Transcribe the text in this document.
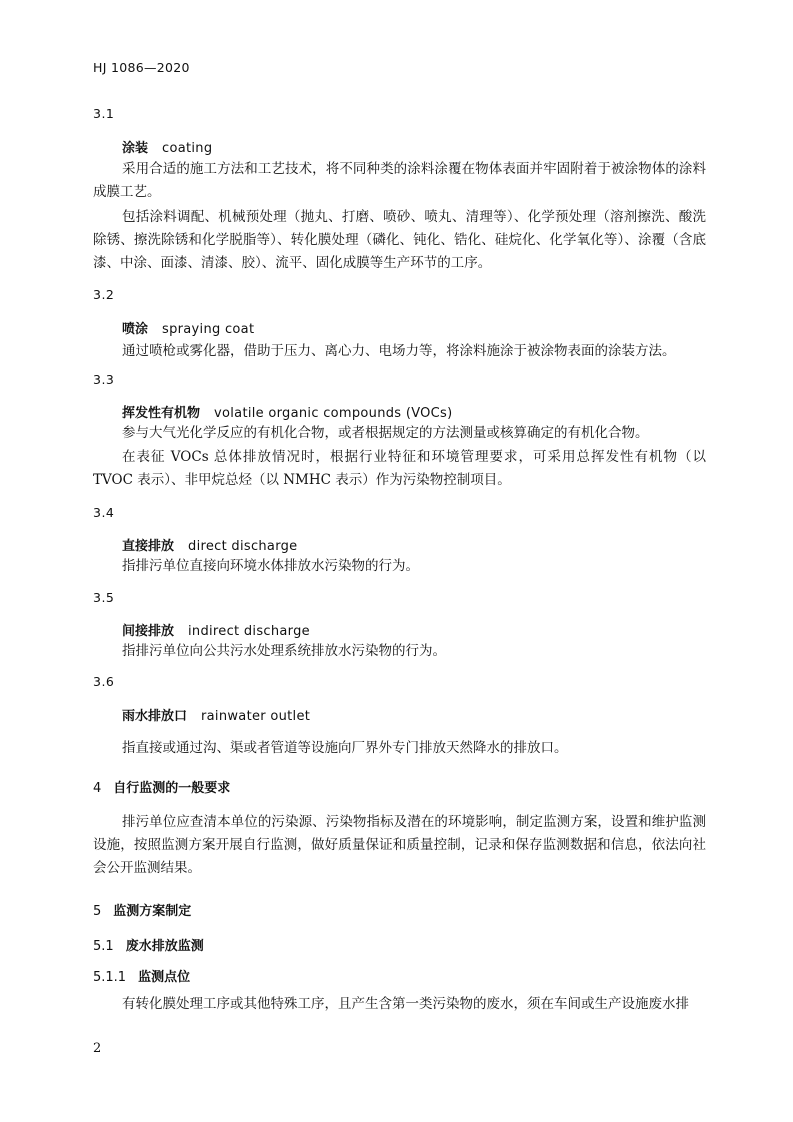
HJ 1086—2020
3.1
涂装 coating
采用合适的施工方法和工艺技术，将不同种类的涂料涂覆在物体表面并牢固附着于被涂物体的涂料成膜工艺。
包括涂料调配、机械预处理（抛丸、打磨、喷砂、喷丸、清理等）、化学预处理（溶剂擦洗、酸洗除锈、擦洗除锈和化学脱脂等）、转化膜处理（磷化、钝化、锆化、硅烷化、化学氧化等）、涂覆（含底漆、中涂、面漆、清漆、胶）、流平、固化成膜等生产环节的工序。
3.2
喷涂 spraying coat
通过喷枪或雾化器，借助于压力、离心力、电场力等，将涂料施涂于被涂物表面的涂装方法。
3.3
挥发性有机物 volatile organic compounds (VOCs)
参与大气光化学反应的有机化合物，或者根据规定的方法测量或核算确定的有机化合物。
在表征 VOCs 总体排放情况时，根据行业特征和环境管理要求，可采用总挥发性有机物（以 TVOC 表示）、非甲烷总烃（以 NMHC 表示）作为污染物控制项目。
3.4
直接排放 direct discharge
指排污单位直接向环境水体排放水污染物的行为。
3.5
间接排放 indirect discharge
指排污单位向公共污水处理系统排放水污染物的行为。
3.6
雨水排放口 rainwater outlet
指直接或通过沟、渠或者管道等设施向厂界外专门排放天然降水的排放口。
4 自行监测的一般要求
排污单位应查清本单位的污染源、污染物指标及潜在的环境影响，制定监测方案，设置和维护监测设施，按照监测方案开展自行监测，做好质量保证和质量控制，记录和保存监测数据和信息，依法向社会公开监测结果。
5 监测方案制定
5.1 废水排放监测
5.1.1 监测点位
有转化膜处理工序或其他特殊工序，且产生含第一类污染物的废水，须在车间或生产设施废水排
2
